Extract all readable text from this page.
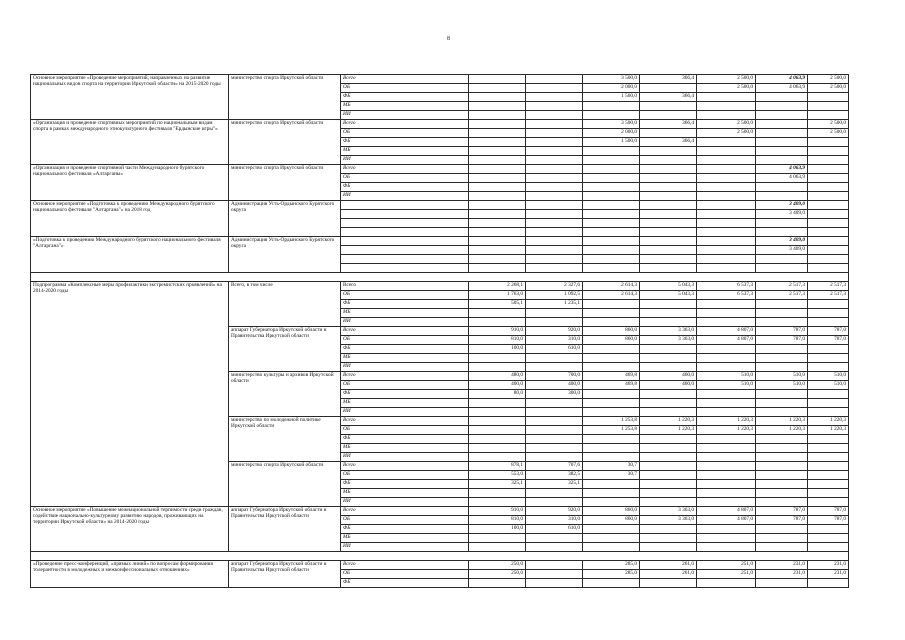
8
Основное мероприятие «Проведение мероприятий, направленных на развитие национальных видов спорта на территории Иркутской области» на 2015-2020 годы	министерство спорта Иркутской области	Всего			3 500,0	366,4	2 500,0	4 063,9	2 500,0	
		ОБ			2 000,0		2 500,0	4 063,9	2 500,0	
		ФБ			1 500,0	366,4				
		МБ								
		ИИ								
«Организация и проведение спортивных мероприятий по национальным видам спорта в рамках международного этнокультурного фестиваля "Ердынские игры"»	министерство спорта Иркутской области	Всего			3 500,0	366,4	2 500,0		2 500,0	
		ОБ			2 000,0		2 500,0		2 500,0	
		ФБ			1 500,0	366,4				
		МБ								
		ИИ								
«Организация и проведение спортивной части Международного бурятского национального фестиваля «Алтарганы»	министерство спорта Иркутской области	Всего						4 063,9		
		ОБ						4 063,9		
		ФБ								
		ИИ								
Основное мероприятие «Подготовка к проведению Международного бурятского национального фестиваля "Алтаргана"» на 2018 год	Администрация Усть-Ордынского Бурятского округа							3 409,0		
								3 409,0		

«Подготовка к проведению Международного бурятского национального фестиваля "Алтаргана"»	Администрация Усть-Ордынского Бурятского округа							3 409,0		
								3 409,0		

Подпрограмма «Комплексные меры профилактики экстремистских проявлений» на 2014-2020 годы	Всего, в том числе	Всего	2 268,1	2 327,6	2 614,3	5 043,3	6 537,3	2 517,3	2 517,3	
		ОБ	1 763,0	1 092,5	2 614,3	5 043,3	6 537,3	2 517,3	2 517,3	
		ФБ	505,1	1 235,1						
		МБ								
		ИИ								
	аппарат Губернатора Иркутской области и Правительства Иркутской области	Всего	910,0	920,0	860,0	3 363,0	4 807,0	787,0	787,0	
		ОБ	810,0	310,0	860,0	3 363,0	4 807,0	787,0	787,0	
		ФБ	100,0	610,0						
		МБ								
		ИИ								
	министерство культуры и архивов Иркутской области	Всего	480,0	700,0	469,8	460,0	510,0	510,0	510,0	
		ОБ	400,0	400,0	469,8	460,0	510,0	510,0	510,0	
		ФБ	80,0	300,0						
		МБ								
		ИИ								
	министерство по молодежной политике Иркутской области	Всего			1 253,8	1 220,3	1 220,3	1 220,3	1 220,3	
		ОБ			1 253,8	1 220,3	1 220,3	1 220,3	1 220,3	
		ФБ								
		МБ								
		ИИ								
	министерство спорта Иркутской области	Всего	878,1	707,6	30,7					
		ОБ	553,0	382,5	30,7					
		ФБ	325,1	325,1						
		МБ								
		ИИ								
Основное мероприятие «Повышение межнациональной терпимости среди граждан, содействие национально-культурному развитию народов, проживающих на территории Иркутской области» на 2014-2020 годы	аппарат Губернатора Иркутской области и Правительства Иркутской области	Всего	910,0	920,0	860,0	3 363,0	4 807,0	787,0	787,0	
		ОБ	810,0	310,0	860,0	3 363,0	4 807,0	787,0	787,0	
		ФБ	100,0	610,0						
		МБ								
		ИИ								

«Проведение пресс-конференций, «прямых линий» по вопросам формирования толерантности в молодежных и межконфессиональных отношениях»	аппарат Губернатора Иркутской области и Правительства Иркутской области	Всего	250,0		285,0	261,0	251,0	231,0	231,0	
		ОБ	250,0		285,0	261,0	251,0	231,0	231,0	
		ФБ								
